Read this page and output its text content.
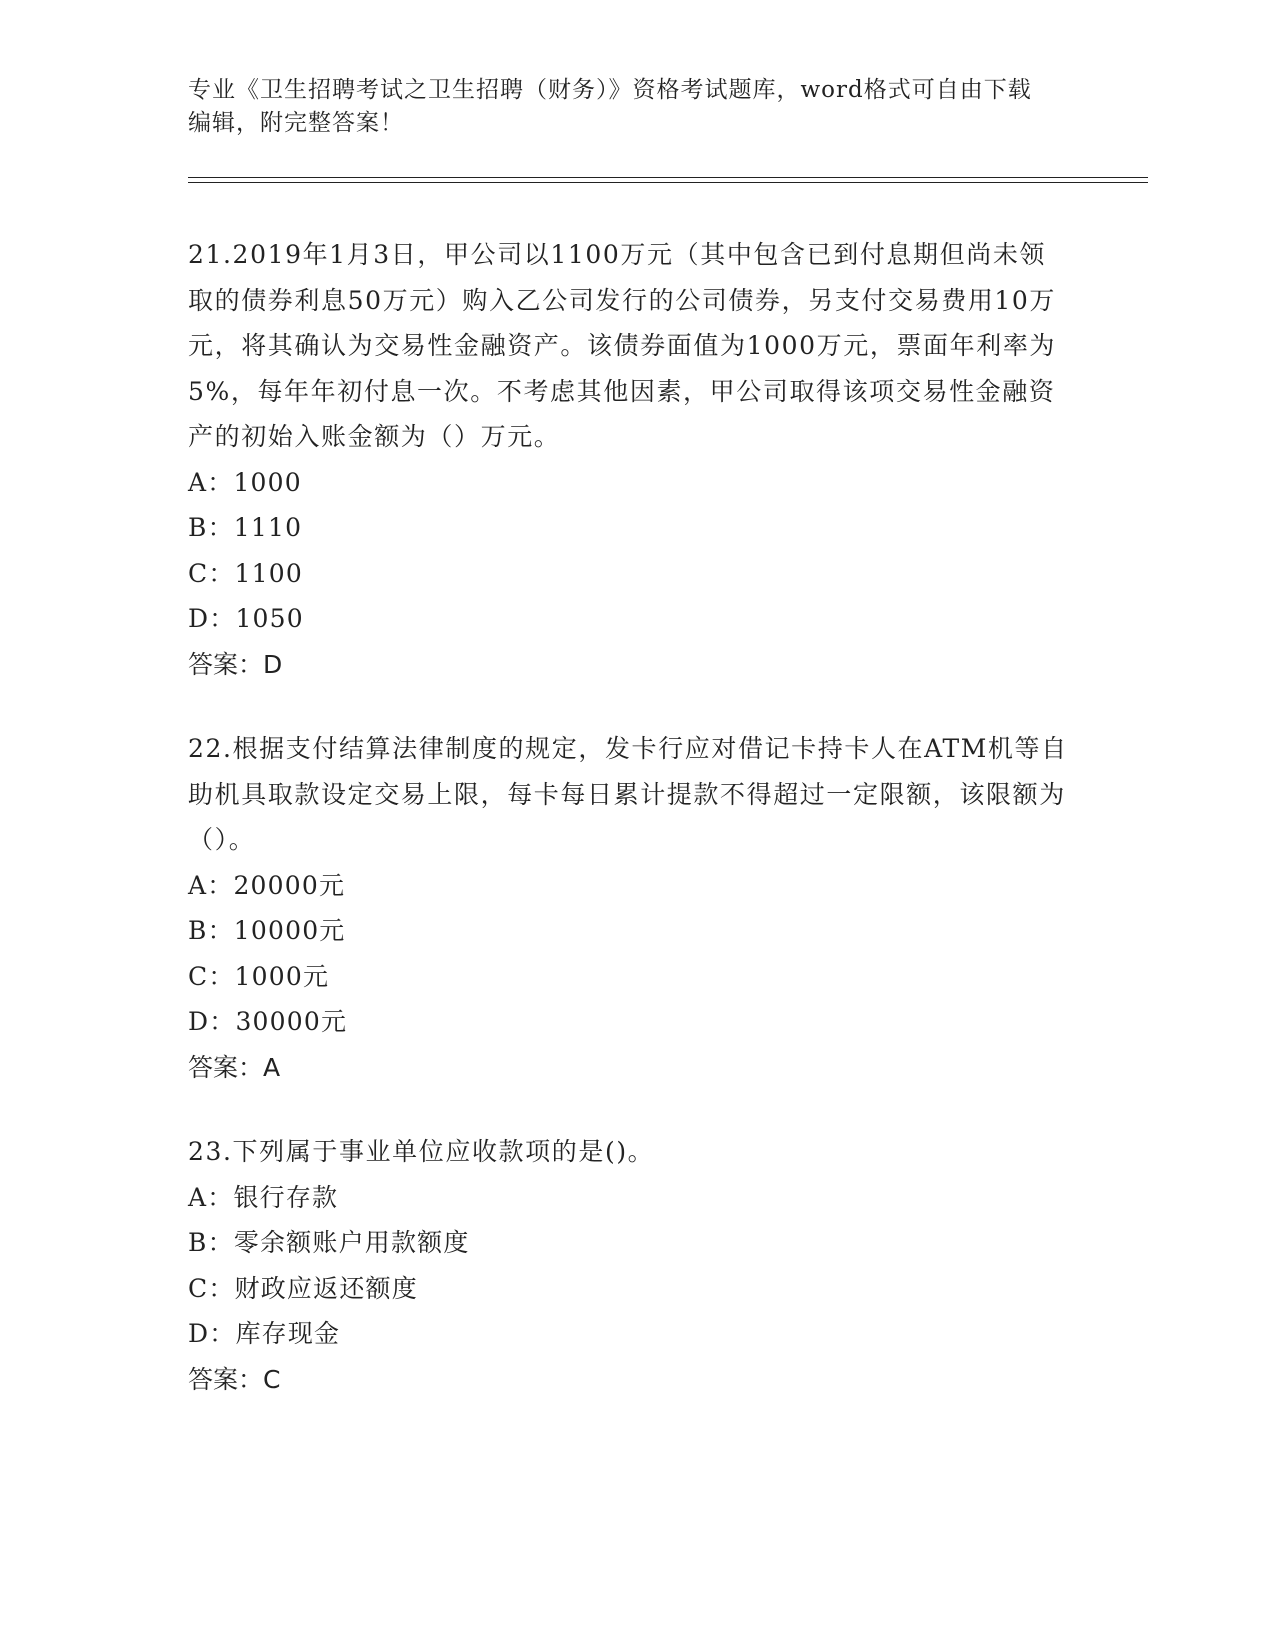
专业《卫生招聘考试之卫生招聘（财务）》资格考试题库，word格式可自由下载
编辑，附完整答案！

21.2019年1月3日，甲公司以1100万元（其中包含已到付息期但尚未领取的债券利息50万元）购入乙公司发行的公司债券，另支付交易费用10万元，将其确认为交易性金融资产。该债券面值为1000万元，票面年利率为5%，每年年初付息一次。不考虑其他因素，甲公司取得该项交易性金融资产的初始入账金额为（）万元。

A：1000

B：1110

C：1100

D：1050

答案：D

22.根据支付结算法律制度的规定，发卡行应对借记卡持卡人在ATM机等自助机具取款设定交易上限，每卡每日累计提款不得超过一定限额，该限额为（）。

A：20000元

B：10000元

C：1000元

D：30000元

答案：A

23.下列属于事业单位应收款项的是()。

A：银行存款

B：零余额账户用款额度

C：财政应返还额度

D：库存现金

答案：C
